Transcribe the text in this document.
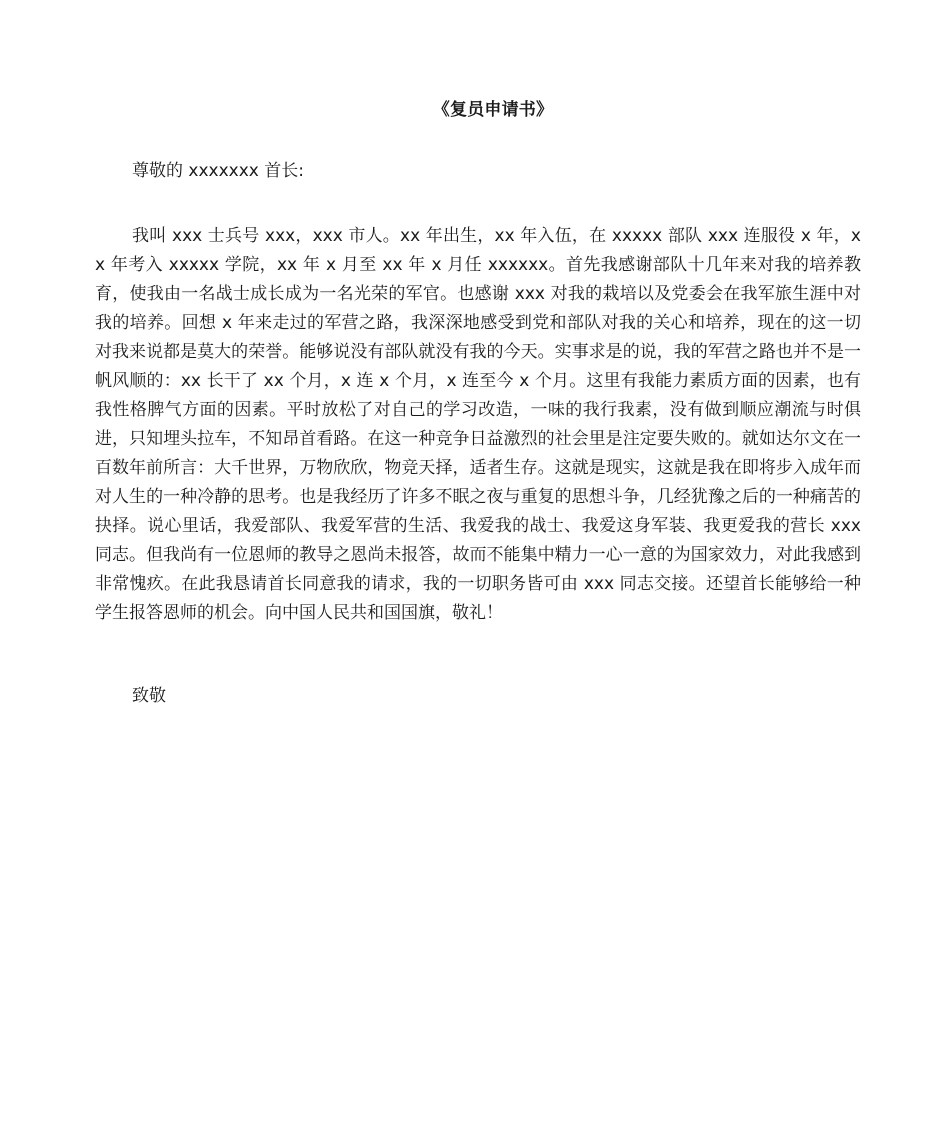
《复员申请书》

尊敬的 xxxxxxx 首长:

我叫 xxx 士兵号 xxx，xxx 市人。xx 年出生，xx 年入伍，在 xxxxx 部队 xxx 连服役 x 年，xx 年考入 xxxxx 学院，xx 年 x 月至 xx 年 x 月任 xxxxxx。首先我感谢部队十几年来对我的培养教育，使我由一名战士成长成为一名光荣的军官。也感谢 xxx 对我的栽培以及党委会在我军旅生涯中对我的培养。回想 x 年来走过的军营之路，我深深地感受到党和部队对我的关心和培养，现在的这一切对我来说都是莫大的荣誉。能够说没有部队就没有我的今天。实事求是的说，我的军营之路也并不是一帆风顺的：xx 长干了 xx 个月，x 连 x 个月，x 连至今 x 个月。这里有我能力素质方面的因素，也有我性格脾气方面的因素。平时放松了对自己的学习改造，一味的我行我素，没有做到顺应潮流与时俱进，只知埋头拉车，不知昂首看路。在这一种竞争日益激烈的社会里是注定要失败的。就如达尔文在一百数年前所言：大千世界，万物欣欣，物竞天择，适者生存。这就是现实，这就是我在即将步入成年而对人生的一种冷静的思考。也是我经历了许多不眠之夜与重复的思想斗争，几经犹豫之后的一种痛苦的抉择。说心里话，我爱部队、我爱军营的生活、我爱我的战士、我爱这身军装、我更爱我的营长 xxx 同志。但我尚有一位恩师的教导之恩尚未报答，故而不能集中精力一心一意的为国家效力，对此我感到非常愧疚。在此我恳请首长同意我的请求，我的一切职务皆可由 xxx 同志交接。还望首长能够给一种学生报答恩师的机会。向中国人民共和国国旗，敬礼！

致敬
